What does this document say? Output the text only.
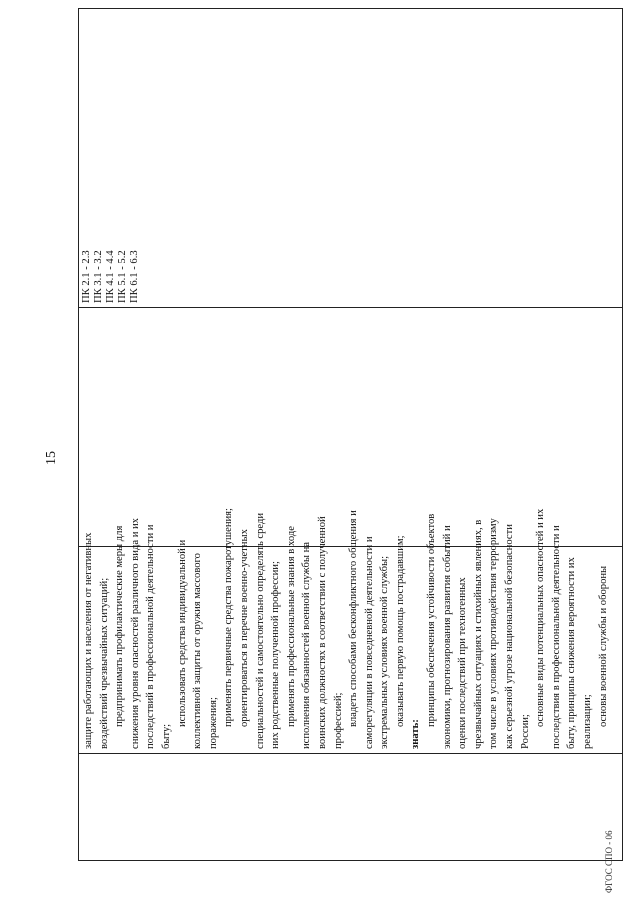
15

защите работающих и населения от негативных воздействий чрезвычайных ситуаций; предпринимать профилактические меры для снижения уровня опасностей различного вида и их последствий в профессиональной деятельности и быту;
использовать средства индивидуальной и коллективной защиты от оружия массового поражения; применять первичные средства пожаротушения; ориентироваться в перечне военно-учетных специальностей и самостоятельно определять среди них родственные полученной профессии; применять профессиональные знания в ходе исполнения обязанностей военной службы на воинских должностях в соответствии с полученной профессией; владеть способами бесконфликтного общения и саморегуляции в повседневной деятельности и экстремальных условиях военной службы; оказывать первую помощь пострадавшим;
знать:
принципы обеспечения устойчивости объектов экономики, прогнозирования развития событий и оценки последствий при техногенных чрезвычайных ситуациях и стихийных явлениях, в том числе в условиях противодействия терроризму как серьезной угрозе национальной безопасности России;
основные виды потенциальных опасностей и их последствия в профессиональной деятельности и быту, принципы снижения вероятности их реализации; основы военной службы и обороны

ПК 2.1 - 2.3 ПК 3.1 - 3.2 ПК 4.1 - 4.4 ПК 5.1 - 5.2 ПК 6.1 - 6.3
ФГОС СПО - 06
